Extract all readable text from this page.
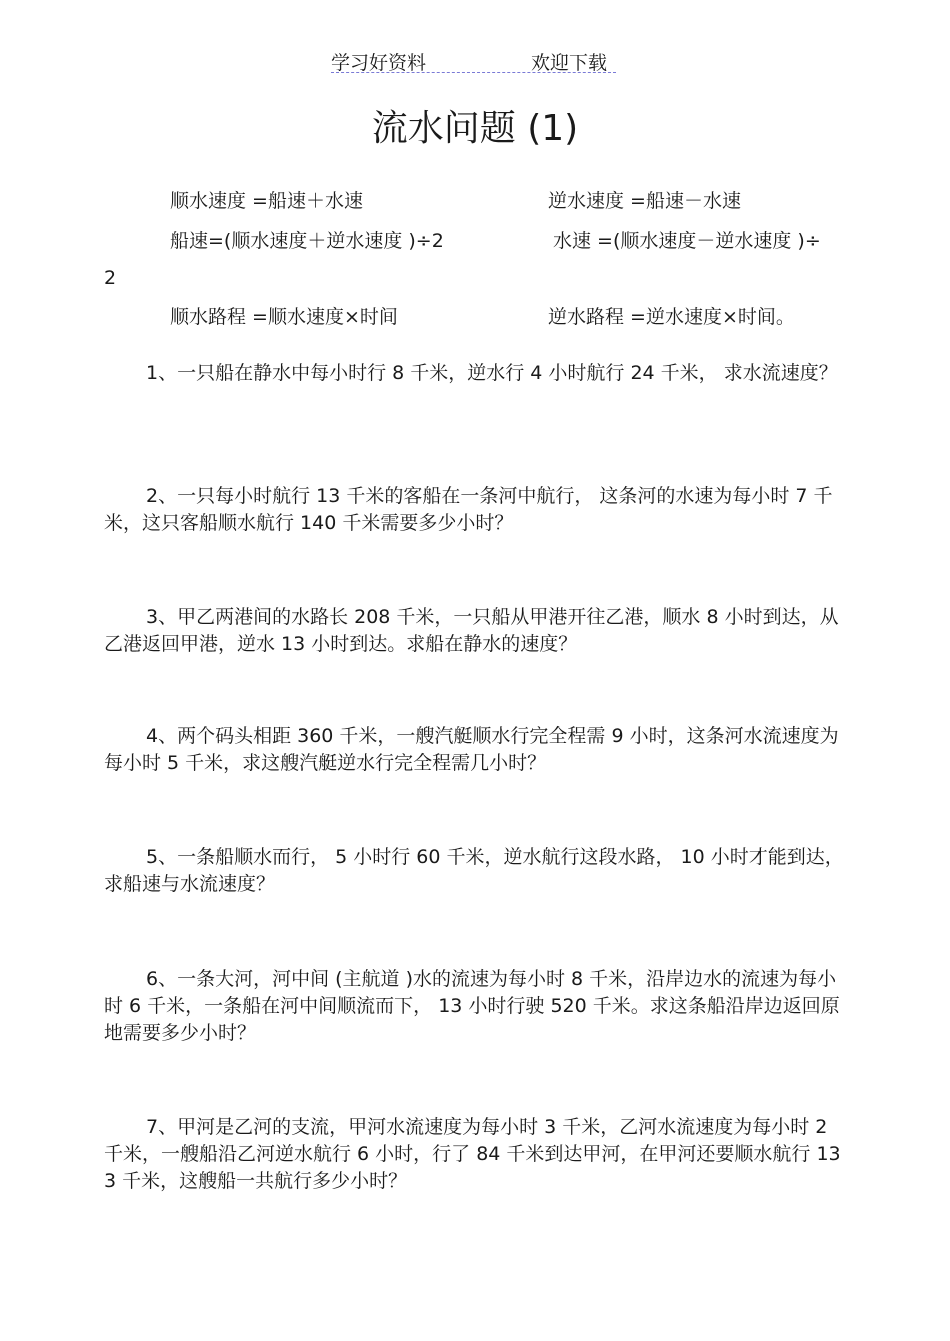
学习好资料	欢迎下载
流水问题 (1)
顺水速度 =船速＋水速	逆水速度 =船速－水速
船速=(顺水速度＋逆水速度 )÷2	水速 =(顺水速度－逆水速度 )÷
2
顺水路程 =顺水速度×时间	逆水路程 =逆水速度×时间。
1、一只船在静水中每小时行 8 千米，逆水行 4 小时航行 24 千米， 求水流速度？
2、一只每小时航行 13 千米的客船在一条河中航行， 这条河的水速为每小时 7 千米，这只客船顺水航行 140 千米需要多少小时？
3、甲乙两港间的水路长 208 千米，一只船从甲港开往乙港，顺水 8 小时到达，从乙港返回甲港，逆水 13 小时到达。求船在静水的速度？
4、两个码头相距 360 千米，一艘汽艇顺水行完全程需 9 小时，这条河水流速度为每小时 5 千米，求这艘汽艇逆水行完全程需几小时？
5、一条船顺水而行， 5 小时行 60 千米，逆水航行这段水路， 10 小时才能到达，求船速与水流速度？
6、一条大河，河中间 (主航道 )水的流速为每小时 8 千米，沿岸边水的流速为每小时 6 千米，一条船在河中间顺流而下， 13 小时行驶 520 千米。求这条船沿岸边返回原地需要多少小时？
7、甲河是乙河的支流，甲河水流速度为每小时 3 千米，乙河水流速度为每小时 2 千米，一艘船沿乙河逆水航行 6 小时，行了 84 千米到达甲河，在甲河还要顺水航行 133 千米，这艘船一共航行多少小时？
